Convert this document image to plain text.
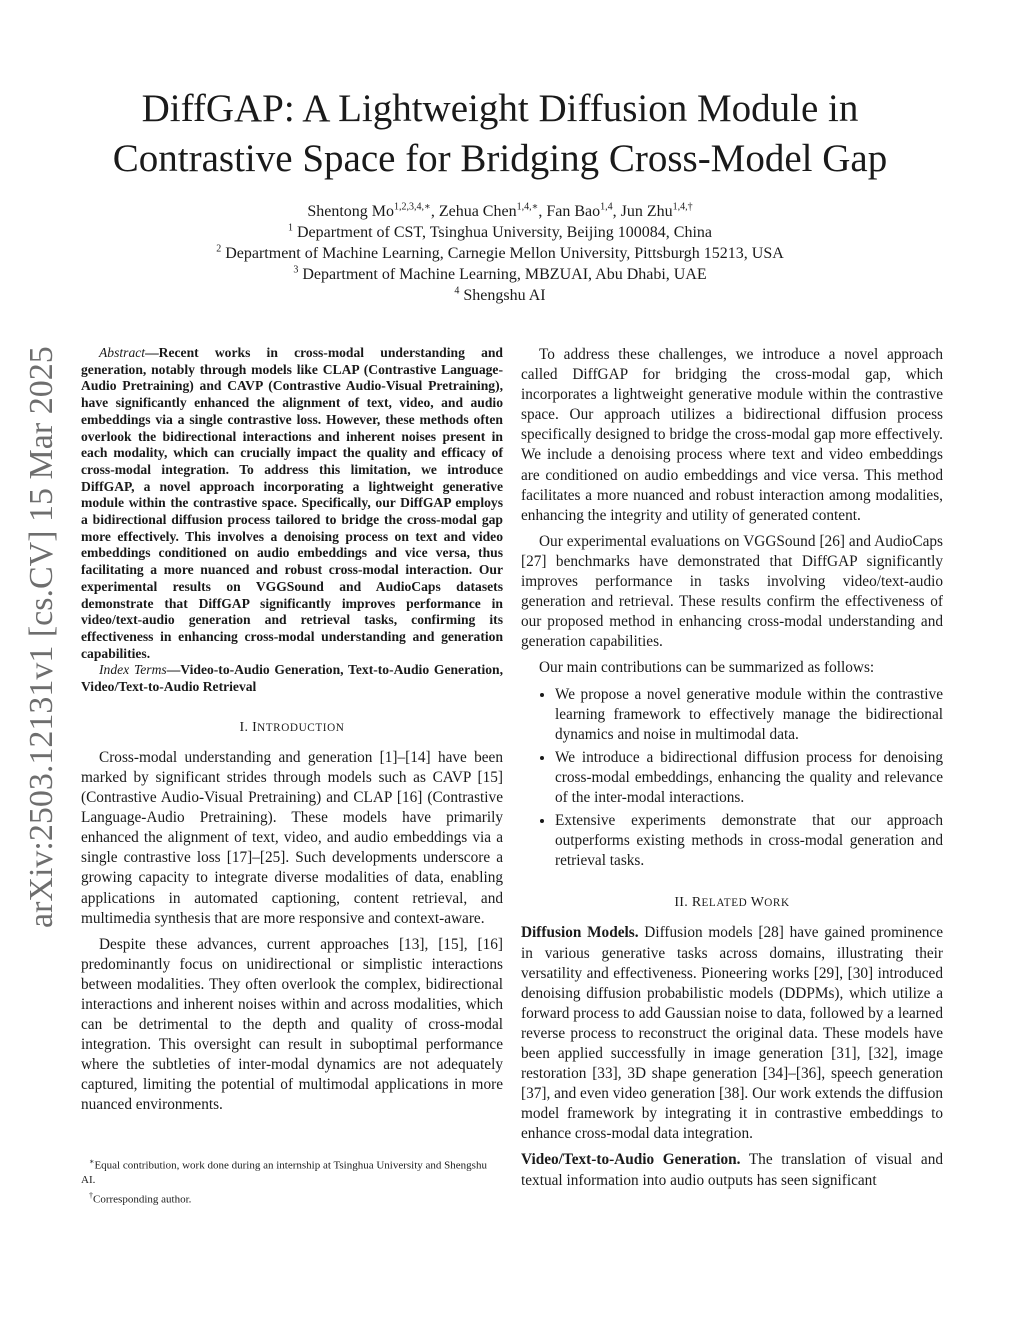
arXiv:2503.12131v1 [cs.CV] 15 Mar 2025
DiffGAP: A Lightweight Diffusion Module in
Contrastive Space for Bridging Cross-Model Gap
Shentong $Mo^{1,2,3,4,∗}$, Zehua Chen$^{1,4,∗}$, Fan Bao$^{1,4}$, Jun Zhu$^{1,4,\dagger}$
$^1$ Department of CST, Tsinghua University, Beijing 100084, China
$^2$ Department of Machine Learning, Carnegie Mellon University, Pittsburgh 15213, USA
$^3$ Department of Machine Learning, MBZUAI, Abu Dhabi, UAE
$^4$ Shengshu AI

Abstract—Recent works in cross-modal understanding and generation, notably through models like CLAP (Contrastive Language-Audio Pretraining) and CAVP (Contrastive Audio-Visual Pretraining), have significantly enhanced the alignment of text, video, and audio embeddings via a single contrastive loss. However, these methods often overlook the bidirectional interactions and inherent noises present in each modality, which can crucially impact the quality and efficacy of cross-modal integration. To address this limitation, we introduce DiffGAP, a novel approach incorporating a lightweight generative module within the contrastive space. Specifically, our DiffGAP employs a bidirectional diffusion process tailored to bridge the cross-modal gap more effectively. This involves a denoising process on text and video embeddings conditioned on audio embeddings and vice versa, thus facilitating a more nuanced and robust cross-modal interaction. Our experimental results on VGGSound and AudioCaps datasets demonstrate that DiffGAP significantly improves performance in video/text-audio generation and retrieval tasks, confirming its effectiveness in enhancing cross-modal understanding and generation capabilities.

Index Terms—Video-to-Audio Generation, Text-to-Audio Generation, Video/Text-to-Audio Retrieval

I. INTRODUCTION

Cross-modal understanding and generation [1]–[14] have been marked by significant strides through models such as CAVP [15] (Contrastive Audio-Visual Pretraining) and CLAP [16] (Contrastive Language-Audio Pretraining). These models have primarily enhanced the alignment of text, video, and audio embeddings via a single contrastive loss [17]–[25]. Such developments underscore a growing capacity to integrate diverse modalities of data, enabling applications in automated captioning, content retrieval, and multimedia synthesis that are more responsive and context-aware.

Despite these advances, current approaches [13], [15], [16] predominantly focus on unidirectional or simplistic interactions between modalities. They often overlook the complex, bidirectional interactions and inherent noises within and across modalities, which can be detrimental to the depth and quality of cross-modal integration. This oversight can result in suboptimal performance where the subtleties of inter-modal dynamics are not adequately captured, limiting the potential of multimodal applications in more nuanced environments.

To address these challenges, we introduce a novel approach called DiffGAP for bridging the cross-modal gap, which incorporates a lightweight generative module within the contrastive space. Our approach utilizes a bidirectional diffusion process specifically designed to bridge the cross-modal gap more effectively. We include a denoising process where text and video embeddings are conditioned on audio embeddings and vice versa. This method facilitates a more nuanced and robust interaction among modalities, enhancing the integrity and utility of generated content.

Our experimental evaluations on VGGSound [26] and AudioCaps [27] benchmarks have demonstrated that DiffGAP significantly improves performance in tasks involving video/text-audio generation and retrieval. These results confirm the effectiveness of our proposed method in enhancing cross-modal understanding and generation capabilities.

Our main contributions can be summarized as follows:

• We propose a novel generative module within the contrastive learning framework to effectively manage the bidirectional dynamics and noise in multimodal data.
• We introduce a bidirectional diffusion process for denoising cross-modal embeddings, enhancing the quality and relevance of the inter-modal interactions.
• Extensive experiments demonstrate that our approach outperforms existing methods in cross-modal generation and retrieval tasks.
II. RELATED WORK

Diffusion Models. Diffusion models [28] have gained prominence in various generative tasks across domains, illustrating their versatility and effectiveness. Pioneering works [29], [30] introduced denoising diffusion probabilistic models (DDPMs), which utilize a forward process to add Gaussian noise to data, followed by a learned reverse process to reconstruct the original data. These models have been applied successfully in image generation [31], [32], image restoration [33], 3D shape generation [34]–[36], speech generation [37], and even video generation [38]. Our work extends the diffusion model framework by integrating it in contrastive embeddings to enhance cross-modal data integration.

Video/Text-to-Audio Generation. The translation of visual and textual information into audio outputs has seen significant

∗Equal contribution, work done during an internship at Tsinghua University and Shengshu AI.

†Corresponding author.
